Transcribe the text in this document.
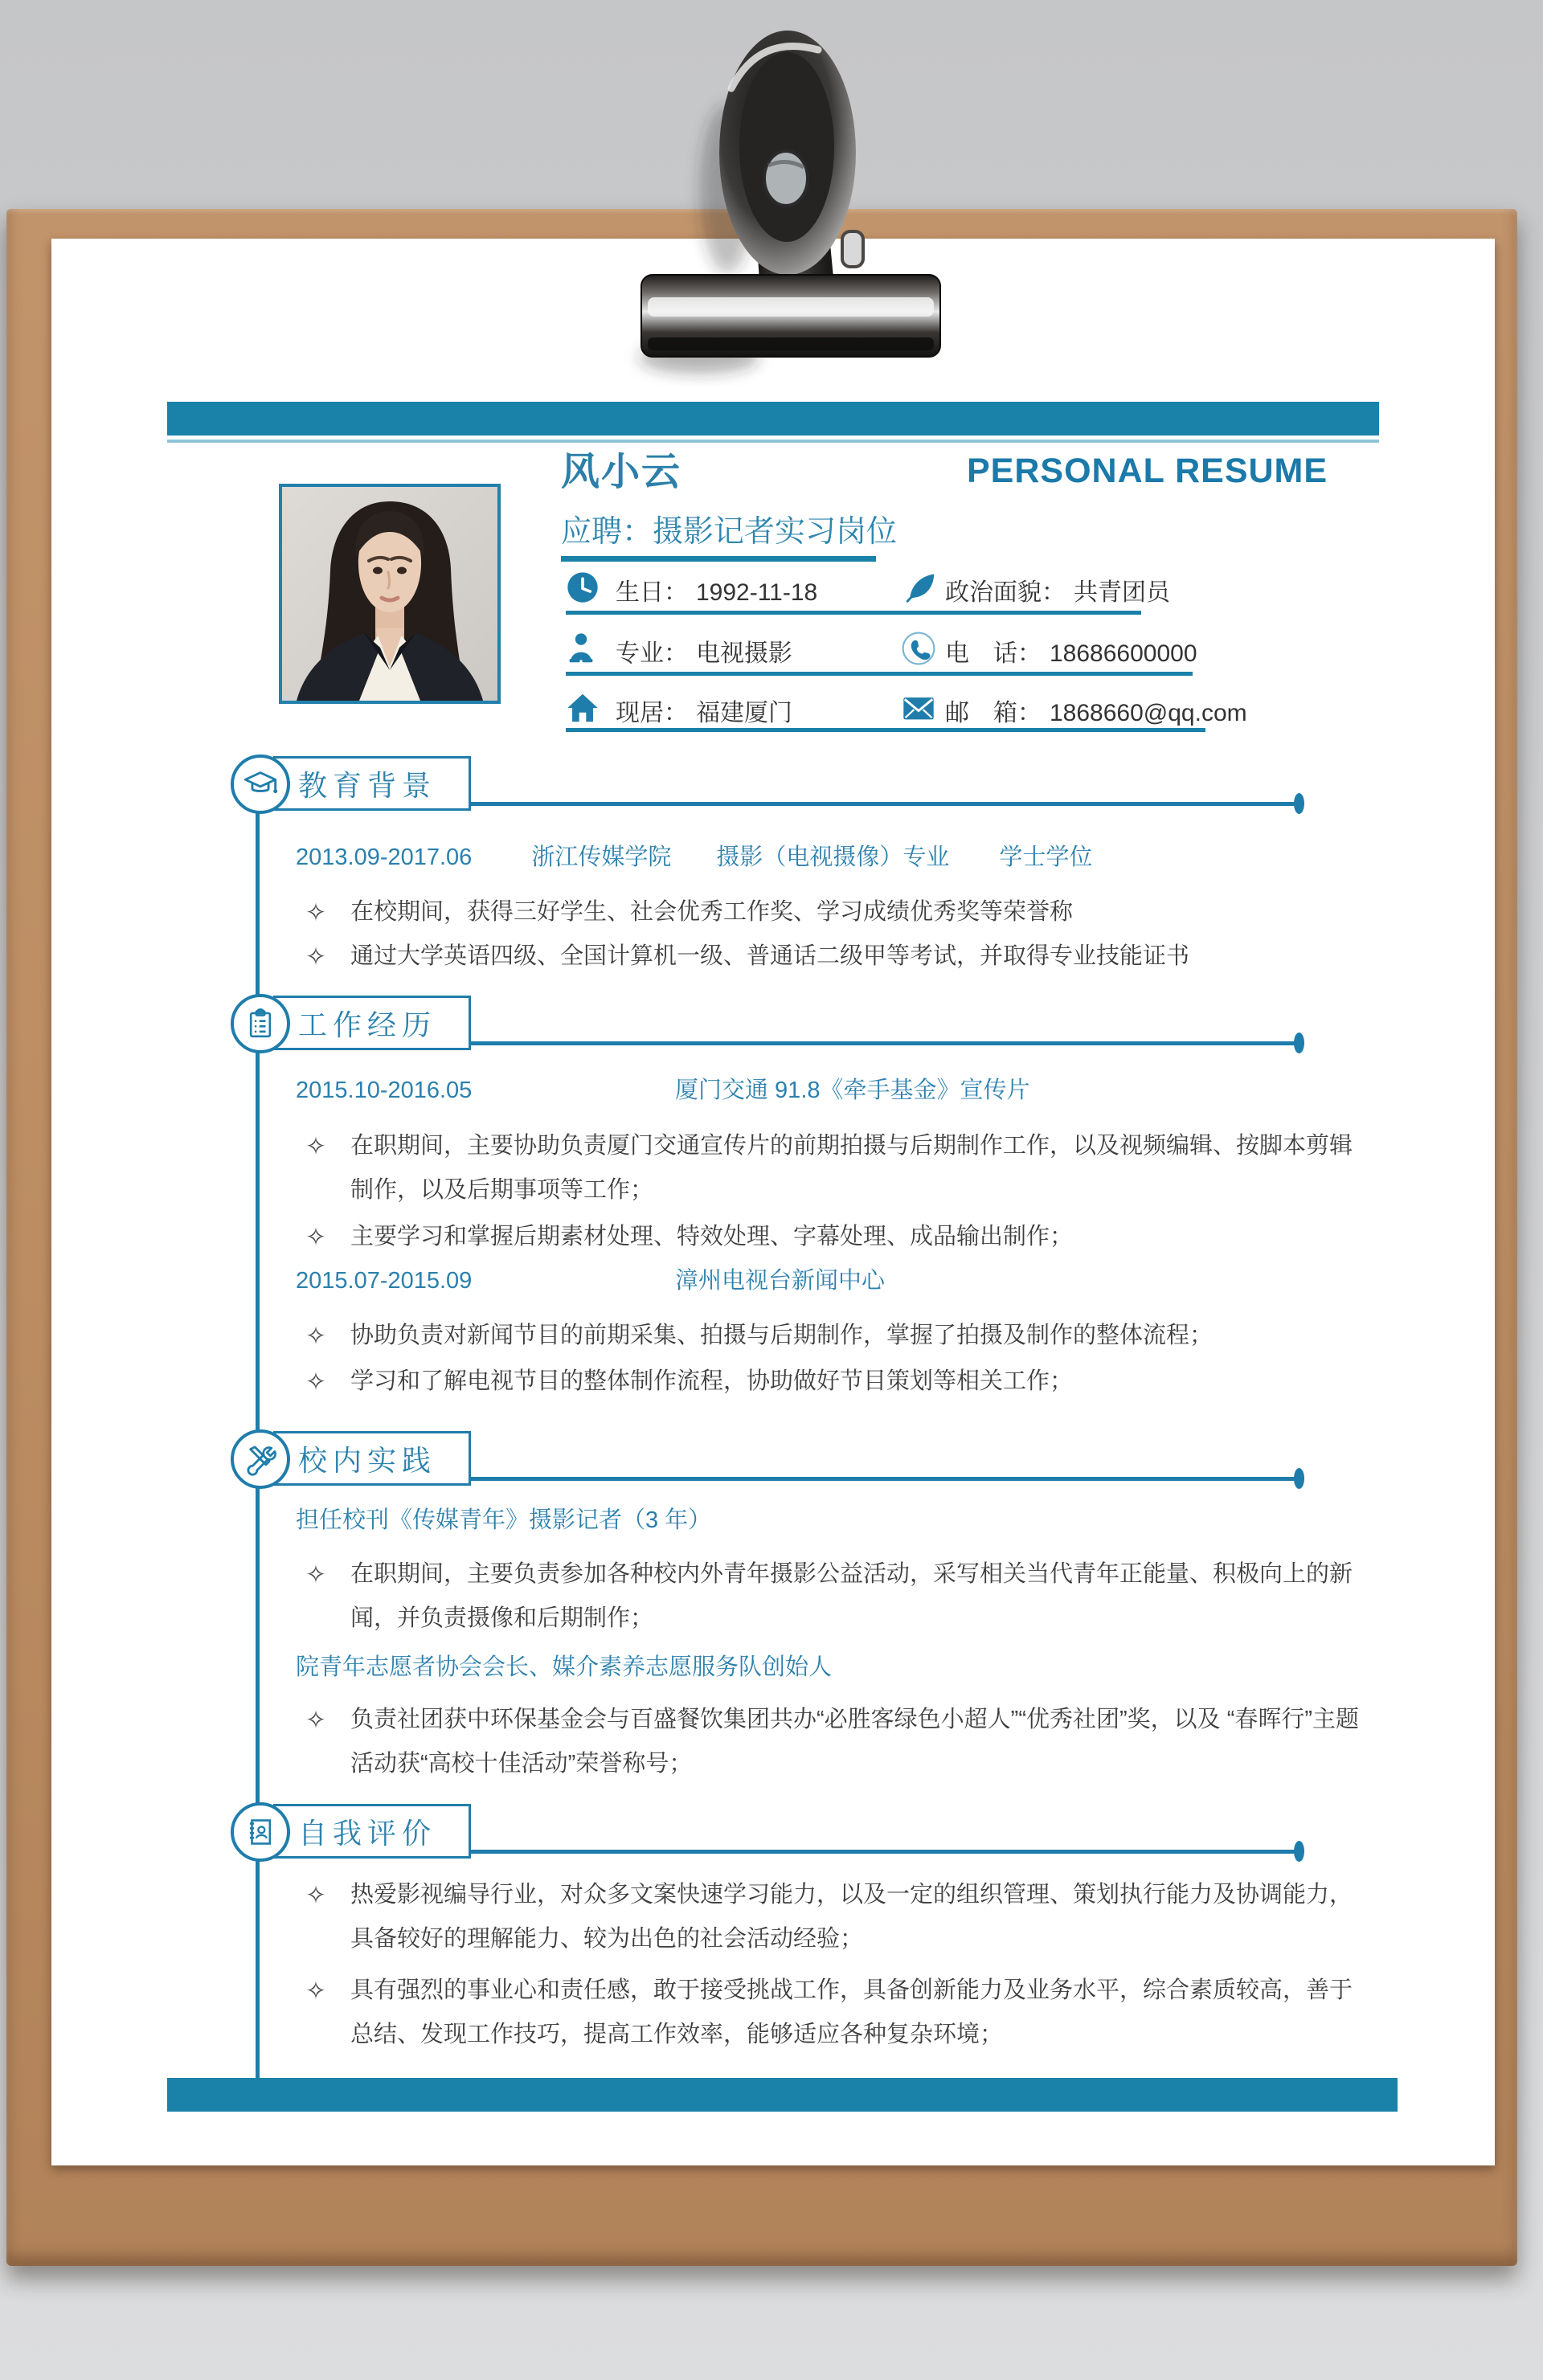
风小云	PERSONAL RESUME
应聘：摄影记者实习岗位
生日： 1992-11-18	政治面貌： 共青团员
专业： 电视摄影	电　话： 18686600000
现居： 福建厦门	邮　箱： 1868660@qq.com
教育背景
2013.09-2017.06	浙江传媒学院 摄影（电视摄像）专业 学士学位
✧	在校期间，获得三好学生、社会优秀工作奖、学习成绩优秀奖等荣誉称
✧	通过大学英语四级、全国计算机一级、普通话二级甲等考试，并取得专业技能证书
工作经历
2015.10-2016.05	厦门交通 91.8《牵手基金》宣传片
✧	在职期间，主要协助负责厦门交通宣传片的前期拍摄与后期制作工作，以及视频编辑、按脚本剪辑制作，以及后期事项等工作；
✧	主要学习和掌握后期素材处理、特效处理、字幕处理、成品输出制作；
2015.07-2015.09	漳州电视台新闻中心
✧	协助负责对新闻节目的前期采集、拍摄与后期制作，掌握了拍摄及制作的整体流程；
✧	学习和了解电视节目的整体制作流程，协助做好节目策划等相关工作；
校内实践
担任校刊《传媒青年》摄影记者（3 年）
✧	在职期间，主要负责参加各种校内外青年摄影公益活动，采写相关当代青年正能量、积极向上的新闻，并负责摄像和后期制作；
院青年志愿者协会会长、媒介素养志愿服务队创始人
✧	负责社团获中环保基金会与百盛餐饮集团共办“必胜客绿色小超人”“优秀社团”奖，以及 “春晖行”主题活动获“高校十佳活动”荣誉称号；
自我评价
✧	热爱影视编导行业，对众多文案快速学习能力，以及一定的组织管理、策划执行能力及协调能力，具备较好的理解能力、较为出色的社会活动经验；
✧	具有强烈的事业心和责任感，敢于接受挑战工作，具备创新能力及业务水平，综合素质较高，善于总结、发现工作技巧，提高工作效率，能够适应各种复杂环境；
